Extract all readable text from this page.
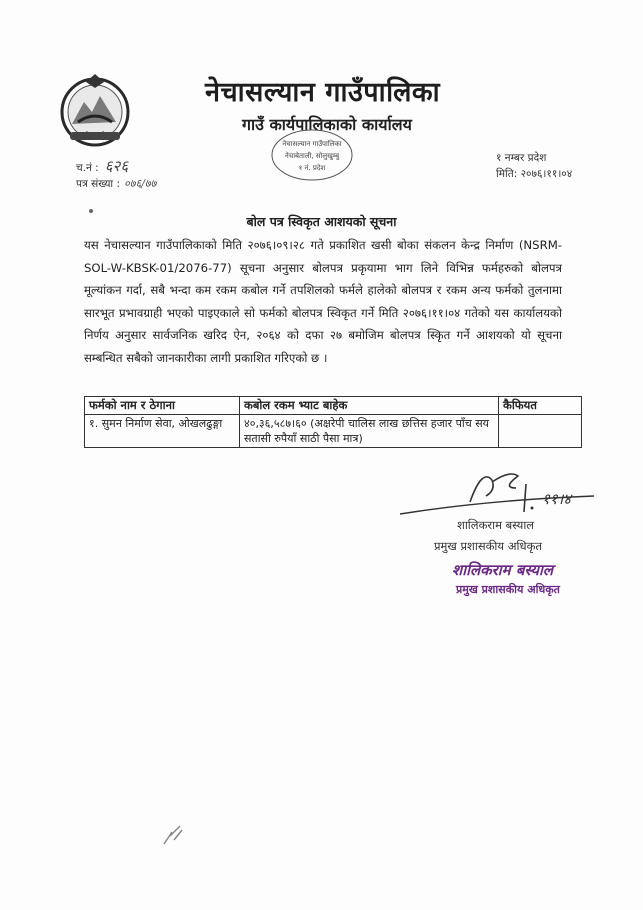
नेचासल्यान गाउँपालिका
गाउँ कार्यपालिकाको कार्यालय
नेचासल्यान गाउँपालिका
नेचाबेताली, सोलुखुम्बु
१ नं. प्रदेश
च.नं : ६२६
पत्र संख्या : ०७६/७७
१ नम्बर प्रदेश
मिति: २०७६।११।०४
बोल पत्र स्विकृत आशयको सूचना
यस नेचासल्यान गाउँपालिकाको मिति २०७६।०९।२८ गते प्रकाशित खसी बोका संकलन केन्द्र निर्माण (NSRM-SOL-W-KBSK-01/2076-77) सूचना अनुसार बोलपत्र प्रकृयामा भाग लिने विभिन्न फर्महरुको बोलपत्र मूल्यांकन गर्दा, सबै भन्दा कम रकम कबोल गर्ने तपशिलको फर्मले हालेको बोलपत्र र रकम अन्य फर्मको तुलनामा सारभूत प्रभावग्राही भएको पाइएकाले सो फर्मको बोलपत्र स्विकृत गर्ने मिति २०७६।११।०४ गतेको यस कार्यालयको निर्णय अनुसार सार्वजनिक खरिद ऐन, २०६४ को दफा २७ बमोजिम बोलपत्र स्किृत गर्ने आशयको यो सूचना सम्बन्धित सबैको जानकारीका लागी प्रकाशित गरिएको छ ।
फर्मको नाम र ठेगाना	कबोल रकम भ्याट बाहेक	कैफियत
१. सुमन निर्माण सेवा, ओखलढुङ्गा	४०,३६,५८७।६० (अक्षरेपी चालिस लाख छत्तिस हजार पाँच सय सतासी रुपैयाँ साठी पैसा मात्र)	
११।४
शालिकराम बस्याल
प्रमुख प्रशासकीय अधिकृत
शालिकराम बस्याल
प्रमुख प्रशासकीय अधिकृत
